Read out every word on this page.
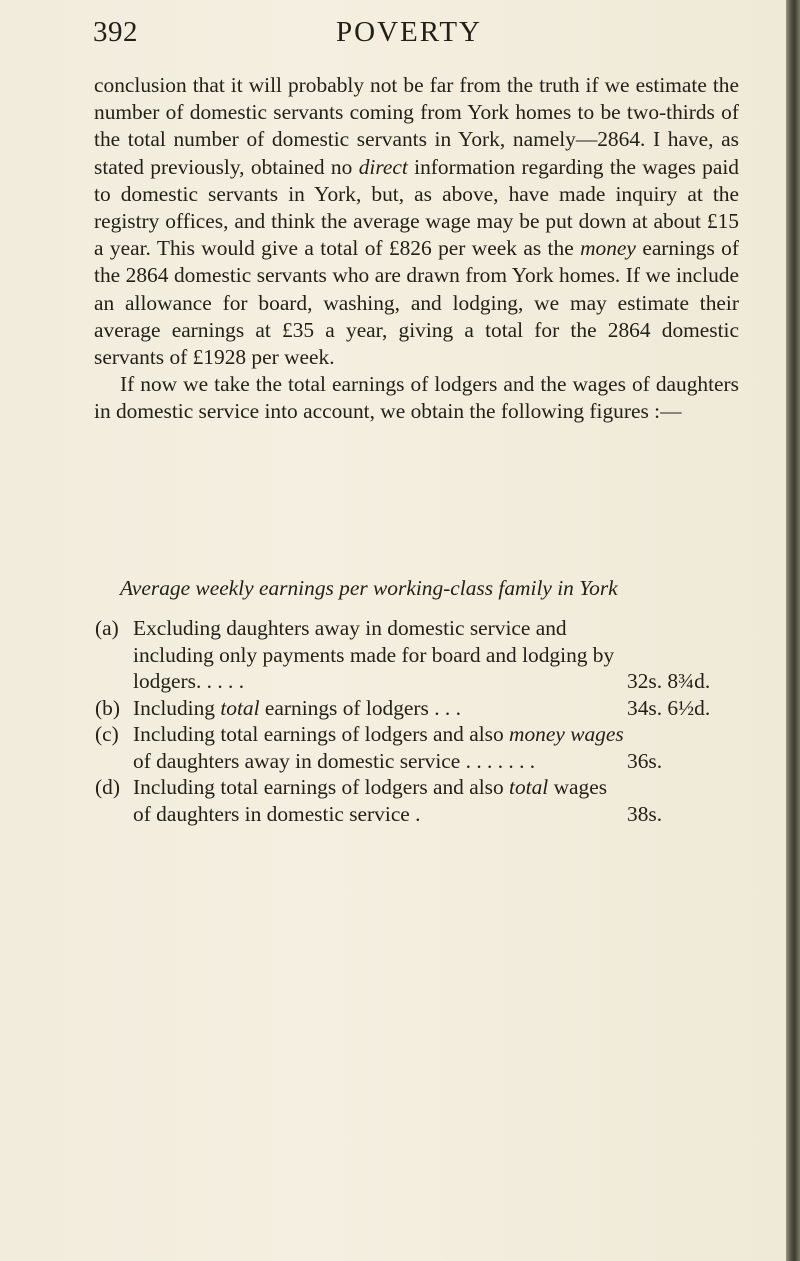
392	POVERTY

conclusion that it will probably not be far from the truth if we estimate the number of domestic servants coming from York homes to be two-thirds of the total number of domestic servants in York, namely—2864. I have, as stated previously, obtained no direct information regarding the wages paid to domestic servants in York, but, as above, have made inquiry at the registry offices, and think the average wage may be put down at about £15 a year. This would give a total of £826 per week as the money earnings of the 2864 domestic servants who are drawn from York homes. If we include an allowance for board, washing, and lodging, we may estimate their average earnings at £35 a year, giving a total for the 2864 domestic servants of £1928 per week.

If now we take the total earnings of lodgers and the wages of daughters in domestic service into account, we obtain the following figures :—

Average weekly earnings per working-class family in York
(a) Excluding daughters away in domestic service and including only payments made for board and lodging by lodgers. . . . .	32s. 8¾d.
(b) Including total earnings of lodgers . . .	34s. 6½d.
(c) Including total earnings of lodgers and also money wages of daughters away in domestic service . . . . . . .	36s.
(d) Including total earnings of lodgers and also total wages of daughters in domestic service .	38s.
